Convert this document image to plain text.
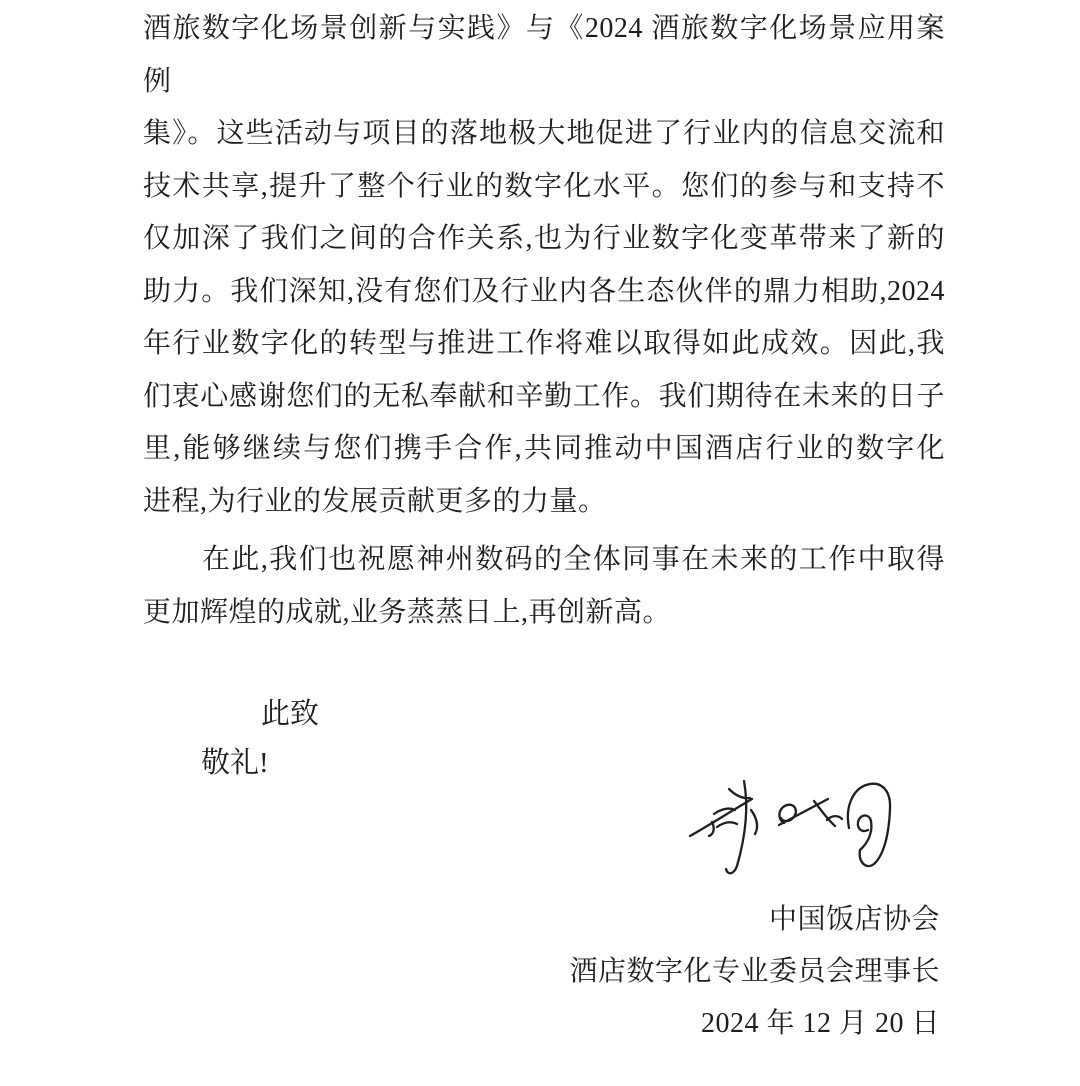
酒旅数字化场景创新与实践》与《2024 酒旅数字化场景应用案例
集》。这些活动与项目的落地极大地促进了行业内的信息交流和
技术共享,提升了整个行业的数字化水平。您们的参与和支持不
仅加深了我们之间的合作关系,也为行业数字化变革带来了新的
助力。我们深知,没有您们及行业内各生态伙伴的鼎力相助,2024
年行业数字化的转型与推进工作将难以取得如此成效。因此,我
们衷心感谢您们的无私奉献和辛勤工作。我们期待在未来的日子
里,能够继续与您们携手合作,共同推动中国酒店行业的数字化
进程,为行业的发展贡献更多的力量。
在此,我们也祝愿神州数码的全体同事在未来的工作中取得
更加辉煌的成就,业务蒸蒸日上,再创新高。
此致
敬礼!
中国饭店协会
酒店数字化专业委员会理事长
2024 年 12 月 20 日
